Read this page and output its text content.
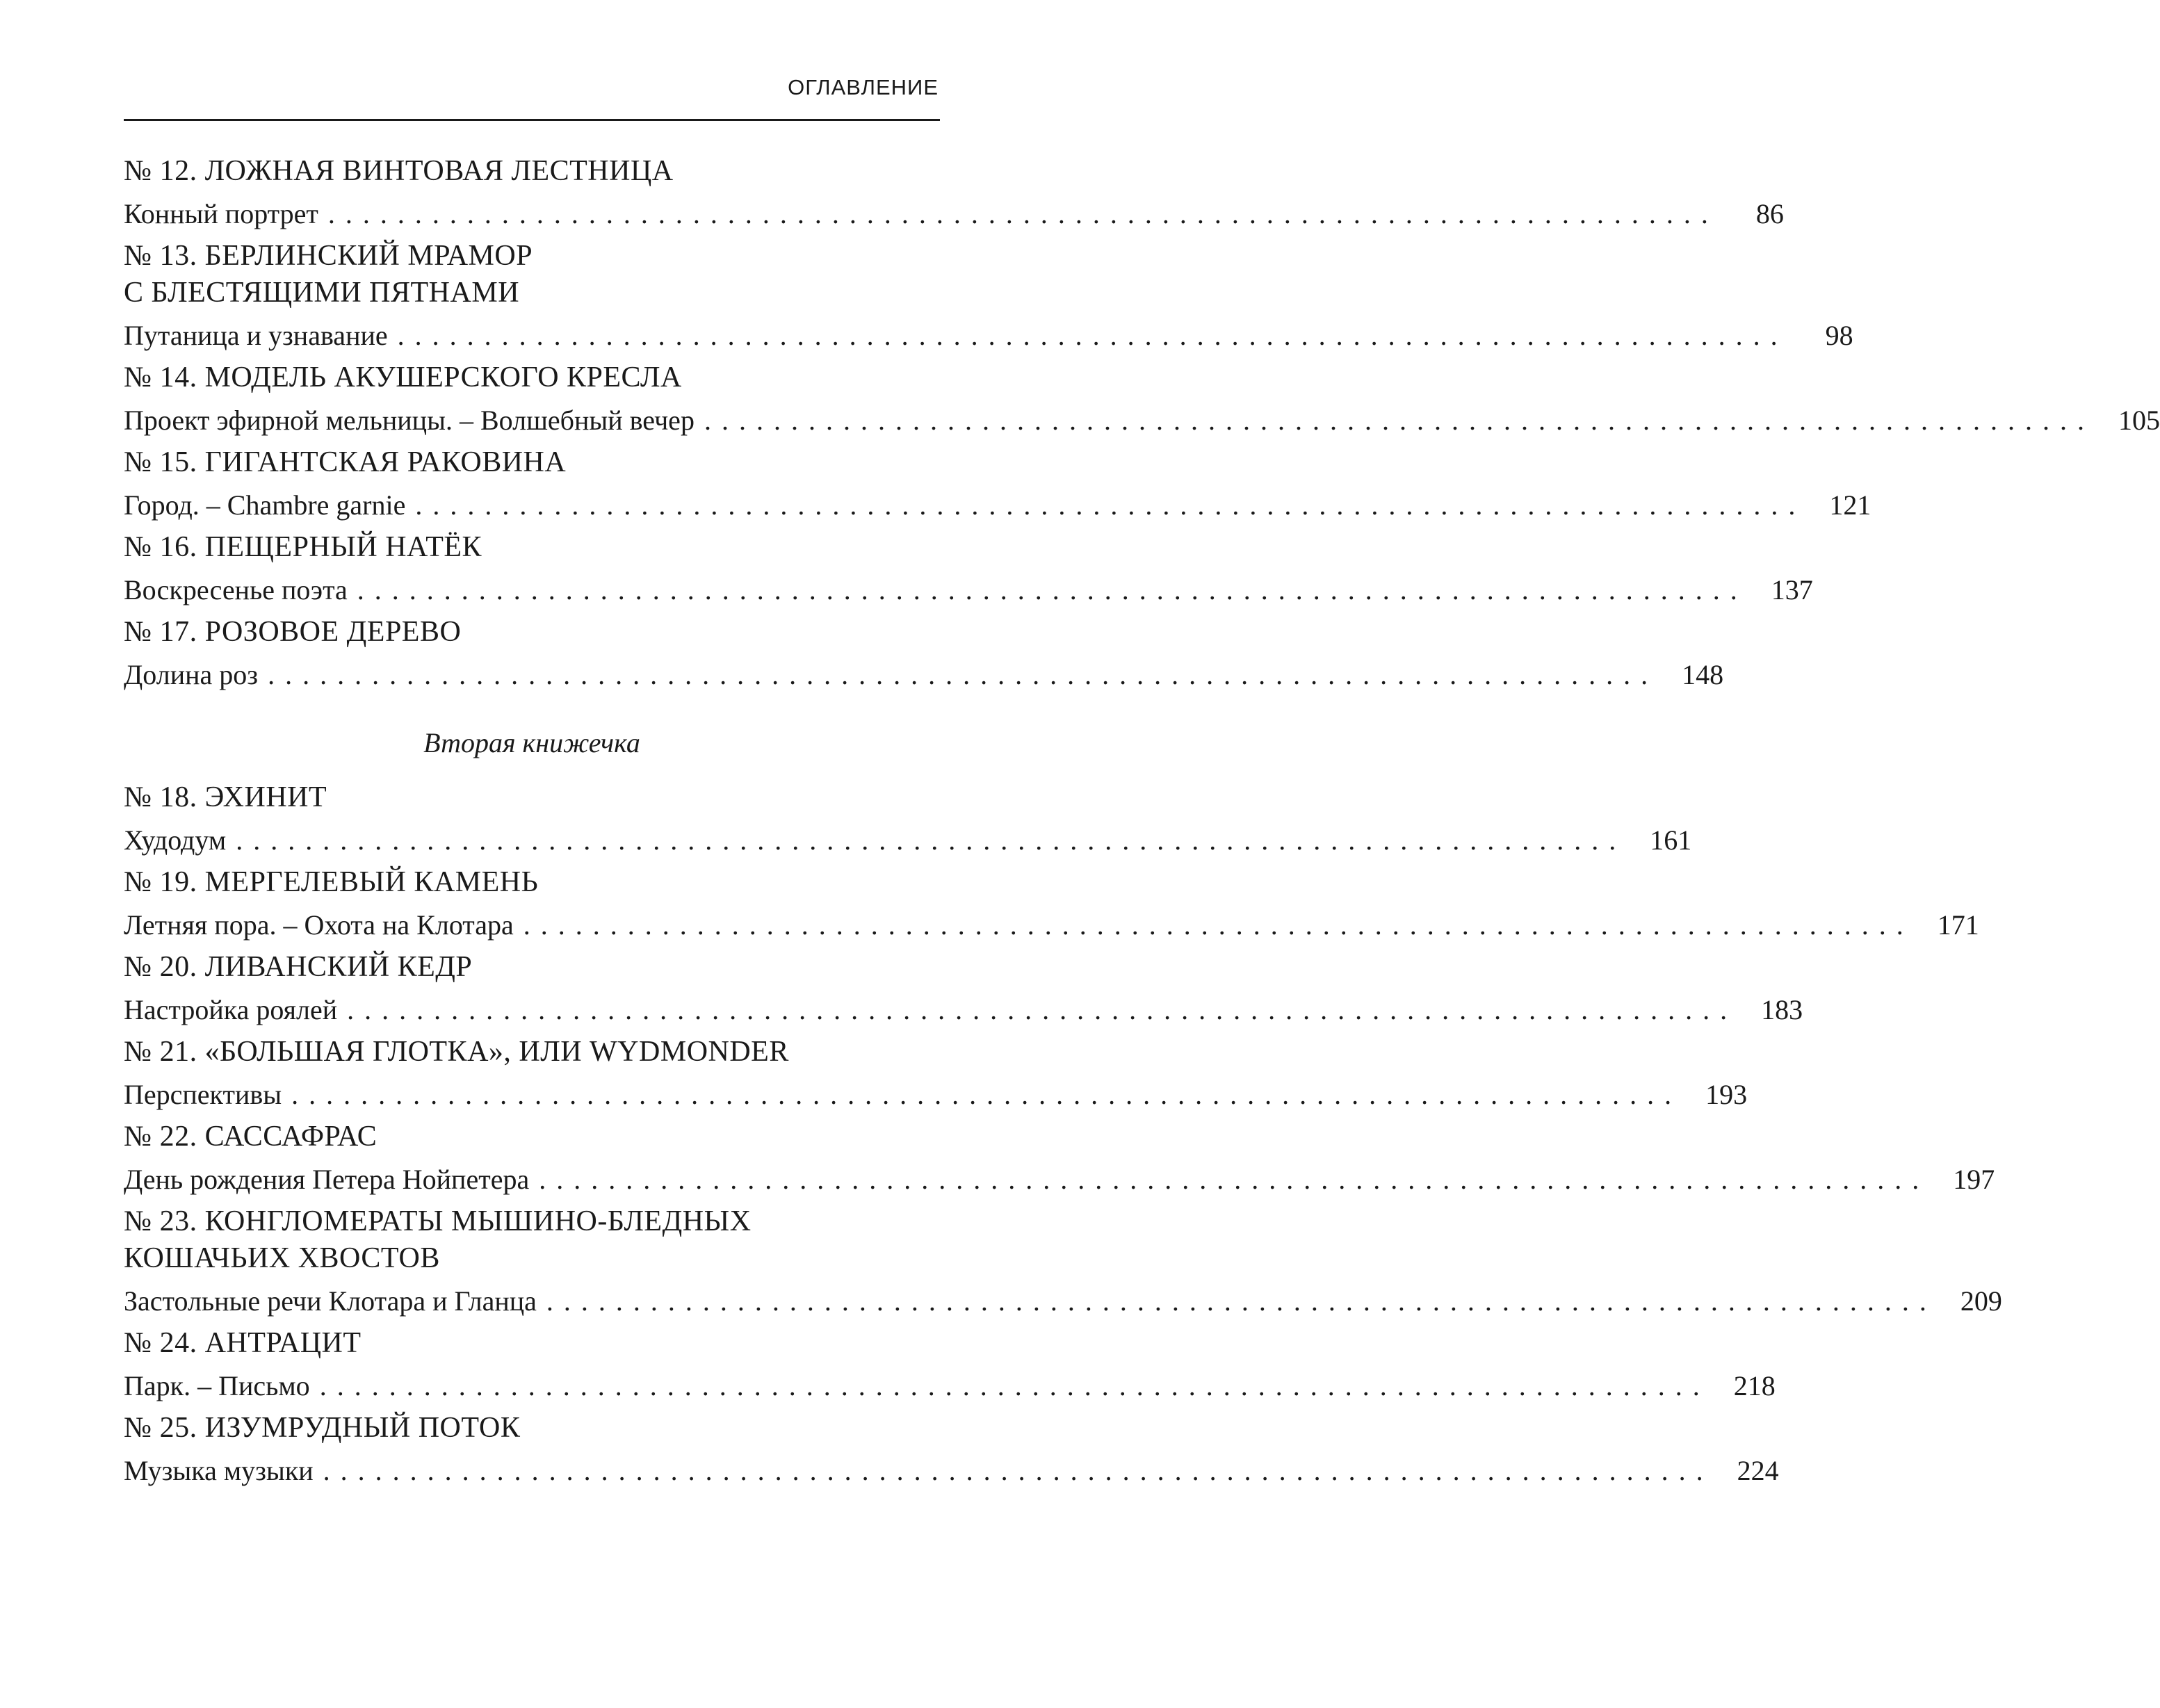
ОГЛАВЛЕНИЕ
№ 12. ЛОЖНАЯ ВИНТОВАЯ ЛЕСТНИЦА
Конный портрет ................................................................................	86
№ 13. БЕРЛИНСКИЙ МРАМОР
С БЛЕСТЯЩИМИ ПЯТНАМИ
Путаница и узнавание ................................................................................	98
№ 14. МОДЕЛЬ АКУШЕРСКОГО КРЕСЛА
Проект эфирной мельницы. – Волшебный вечер ................................................................................ 105
№ 15. ГИГАНТСКАЯ РАКОВИНА
Город. – Chambre garnie ................................................................................ 121
№ 16. ПЕЩЕРНЫЙ НАТЁК
Воскресенье поэта ................................................................................ 137
№ 17. РОЗОВОЕ ДЕРЕВО
Долина роз ................................................................................ 148
Вторая книжечка
№ 18. ЭХИНИТ
Худодум ................................................................................ 161
№ 19. МЕРГЕЛЕВЫЙ КАМЕНЬ
Летняя пора. – Охота на Клотара ................................................................................ 171
№ 20. ЛИВАНСКИЙ КЕДР
Настройка роялей ................................................................................ 183
№ 21. «БОЛЬШАЯ ГЛОТКА», ИЛИ WYDMONDER
Перспективы ................................................................................ 193
№ 22. САССАФРАС
День рождения Петера Нойпетера ................................................................................ 197
№ 23. КОНГЛОМЕРАТЫ МЫШИНО-БЛЕДНЫХ
КОШАЧЬИХ ХВОСТОВ
Застольные речи Клотара и Гланца ................................................................................ 209
№ 24. АНТРАЦИТ
Парк. – Письмо ................................................................................ 218
№ 25. ИЗУМРУДНЫЙ ПОТОК
Музыка музыки ................................................................................ 224
